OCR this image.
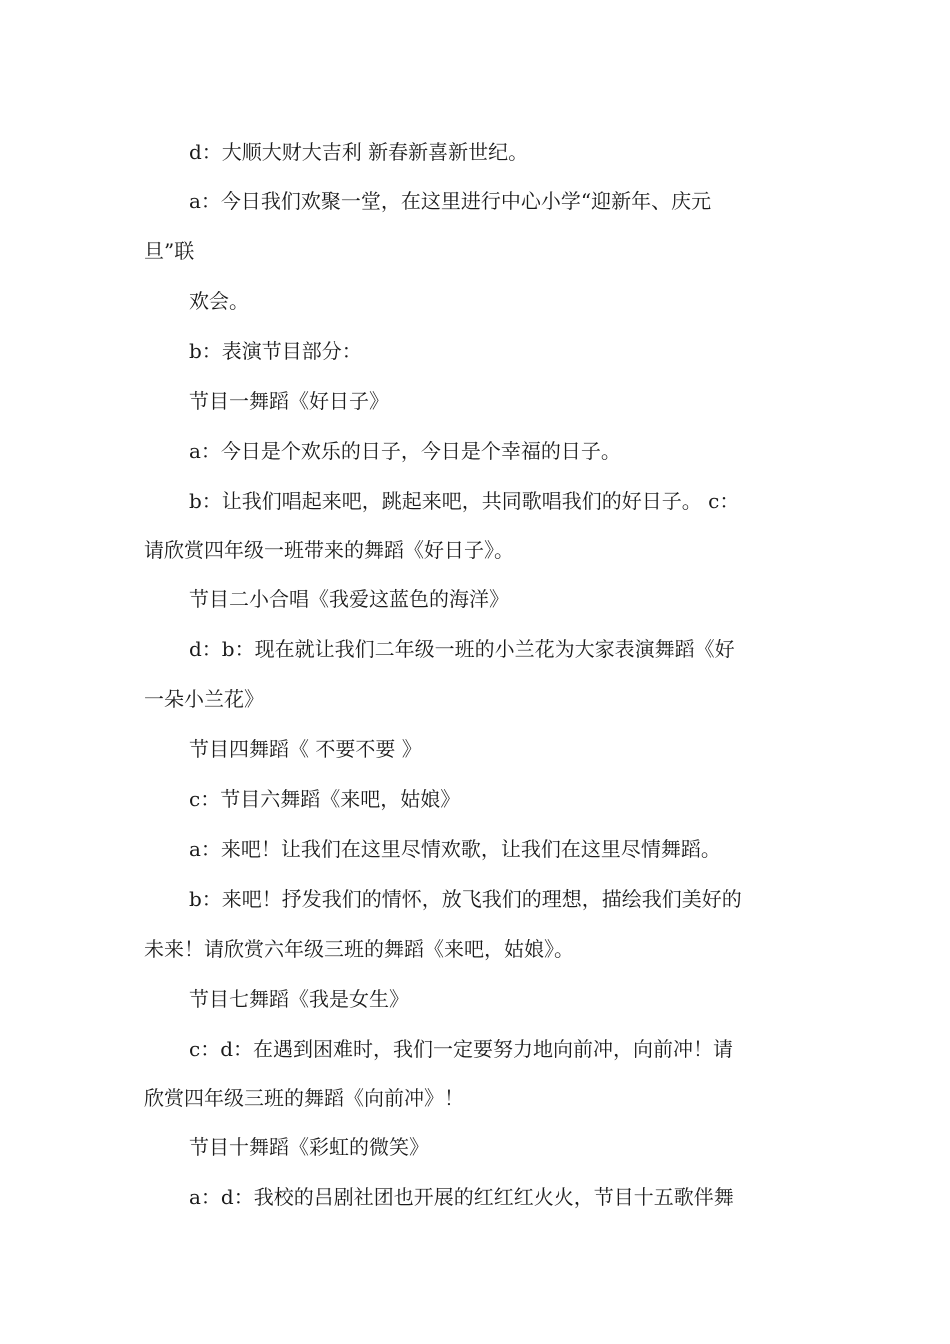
d：大顺大财大吉利 新春新喜新世纪。

a：今日我们欢聚一堂，在这里进行中心小学“迎新年、庆元

旦”联

欢会。

b：表演节目部分：

节目一舞蹈《好日子》

a：今日是个欢乐的日子，今日是个幸福的日子。

b：让我们唱起来吧，跳起来吧，共同歌唱我们的好日子。 c：

请欣赏四年级一班带来的舞蹈《好日子》。

节目二小合唱《我爱这蓝色的海洋》

d：b：现在就让我们二年级一班的小兰花为大家表演舞蹈《好

一朵小兰花》

节目四舞蹈《 不要不要 》

c：节目六舞蹈《来吧，姑娘》

a：来吧！让我们在这里尽情欢歌，让我们在这里尽情舞蹈。

b：来吧！抒发我们的情怀，放飞我们的理想，描绘我们美好的

未来！请欣赏六年级三班的舞蹈《来吧，姑娘》。

节目七舞蹈《我是女生》

c：d：在遇到困难时，我们一定要努力地向前冲，向前冲！请

欣赏四年级三班的舞蹈《向前冲》！

节目十舞蹈《彩虹的微笑》

a：d：我校的吕剧社团也开展的红红红火火，节目十五歌伴舞
